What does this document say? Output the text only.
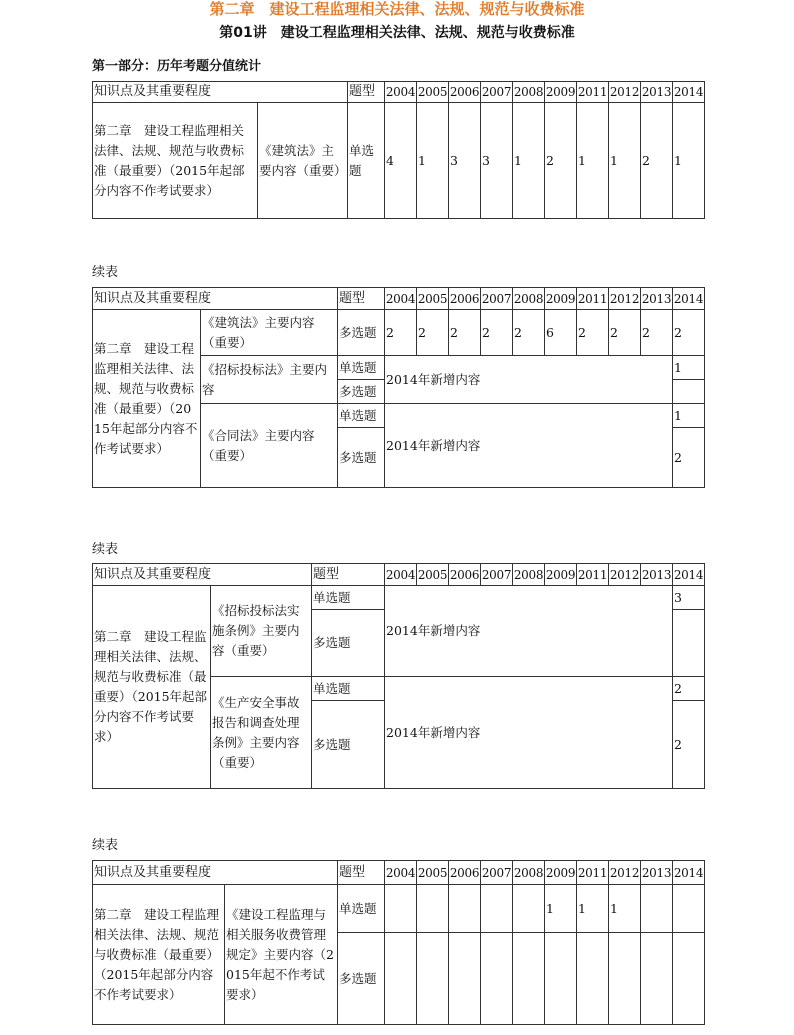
第二章　建设工程监理相关法律、法规、规范与收费标准
第01讲　建设工程监理相关法律、法规、规范与收费标准
第一部分：历年考题分值统计
知识点及其重要程度		题型	2004	2005	2006	2007	2008	2009	2011	2012	2013	2014
第二章　建设工程监理相关法律、法规、规范与收费标准（最重要）（2015年起部分内容不作考试要求）	《建筑法》主要内容（重要）	单选题	4	1	3	3	1	2	1	1	2	1
续表
知识点及其重要程度		题型	2004	2005	2006	2007	2008	2009	2011	2012	2013	2014
第二章　建设工程监理相关法律、法规、规范与收费标准（最重要）（2015年起部分内容不作考试要求）	《建筑法》主要内容（重要）	多选题	2	2	2	2	2	6	2	2	2	2
	《招标投标法》主要内容	单选题	2014年新增内容									1
		多选题										
	《合同法》主要内容（重要）	单选题	2014年新增内容									1
		多选题										2
续表
知识点及其重要程度		题型	2004	2005	2006	2007	2008	2009	2011	2012	2013	2014
第二章　建设工程监理相关法律、法规、规范与收费标准（最重要）（2015年起部分内容不作考试要求）	《招标投标法实施条例》主要内容（重要）	单选题	2014年新增内容									3
		多选题										
	《生产安全事故报告和调查处理条例》主要内容（重要）	单选题	2014年新增内容									2
		多选题										2
续表
知识点及其重要程度		题型	2004	2005	2006	2007	2008	2009	2011	2012	2013	2014
第二章　建设工程监理相关法律、法规、规范与收费标准（最重要）（2015年起部分内容不作考试要求）	《建设工程监理与相关服务收费管理规定》主要内容（2015年起不作考试要求）	单选题						1	1	1		
		多选题										
